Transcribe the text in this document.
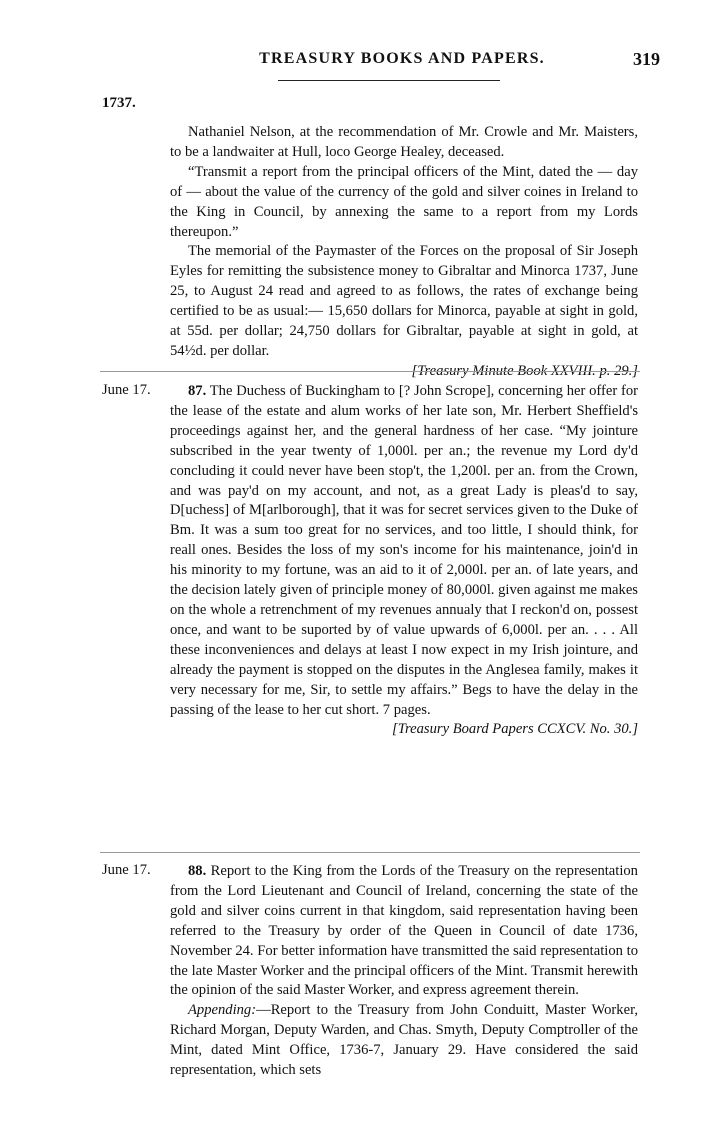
TREASURY BOOKS AND PAPERS.	319
1737.

Nathaniel Nelson, at the recommendation of Mr. Crowle and Mr. Maisters, to be a landwaiter at Hull, loco George Healey, deceased.

“Transmit a report from the principal officers of the Mint, dated the — day of — about the value of the currency of the gold and silver coines in Ireland to the King in Council, by annexing the same to a report from my Lords thereupon.”

The memorial of the Paymaster of the Forces on the proposal of Sir Joseph Eyles for remitting the subsistence money to Gibraltar and Minorca 1737, June 25, to August 24 read and agreed to as follows, the rates of exchange being certified to be as usual:— 15,650 dollars for Minorca, payable at sight in gold, at 55d. per dollar; 24,750 dollars for Gibraltar, payable at sight in gold, at 54½d. per dollar.

[Treasury Minute Book XXVIII. p. 29.]
June 17.	87. The Duchess of Buckingham to [? John Scrope], concerning her offer for the lease of the estate and alum works of her late son, Mr. Herbert Sheffield's proceedings against her, and the general hardness of her case. “My jointure subscribed in the year twenty of 1,000l. per an.; the revenue my Lord dy'd concluding it could never have been stop't, the 1,200l. per an. from the Crown, and was pay'd on my account, and not, as a great Lady is pleas'd to say, D[uchess] of M[arlborough], that it was for secret services given to the Duke of Bm. It was a sum too great for no services, and too little, I should think, for reall ones. Besides the loss of my son's income for his maintenance, join'd in his minority to my fortune, was an aid to it of 2,000l. per an. of late years, and the decision lately given of principle money of 80,000l. given against me makes on the whole a retrenchment of my revenues annualy that I reckon'd on, possest once, and want to be suported by of value upwards of 6,000l. per an. . . . All these inconveniences and delays at least I now expect in my Irish jointure, and already the payment is stopped on the disputes in the Anglesea family, makes it very necessary for me, Sir, to settle my affairs.” Begs to have the delay in the passing of the lease to her cut short. 7 pages.

[Treasury Board Papers CCXCV. No. 30.]
June 17.	88. Report to the King from the Lords of the Treasury on the representation from the Lord Lieutenant and Council of Ireland, concerning the state of the gold and silver coins current in that kingdom, said representation having been referred to the Treasury by order of the Queen in Council of date 1736, November 24. For better information have transmitted the said representation to the late Master Worker and the principal officers of the Mint. Transmit herewith the opinion of the said Master Worker, and express agreement therein.

Appending:—Report to the Treasury from John Conduitt, Master Worker, Richard Morgan, Deputy Warden, and Chas. Smyth, Deputy Comptroller of the Mint, dated Mint Office, 1736-7, January 29. Have considered the said representation, which sets
